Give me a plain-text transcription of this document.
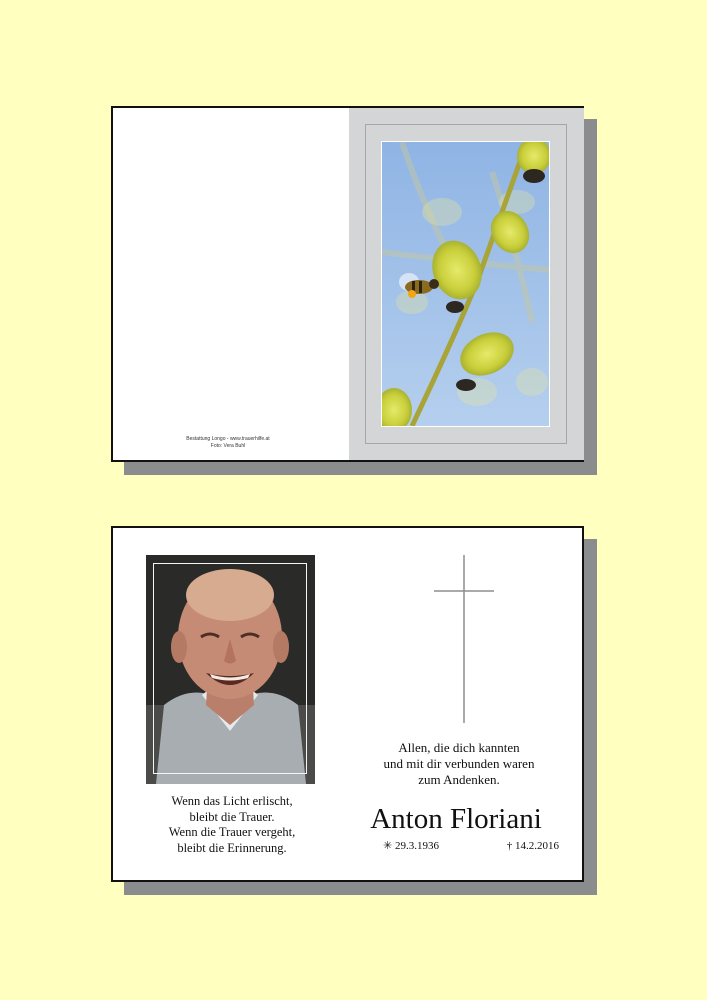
Bestattung Longo - www.trauerhilfe.at
Foto: Vera Buhl
Allen, die dich kannten
und mit dir verbunden waren
zum Andenken.
Anton Floriani
✳ 29.3.1936	† 14.2.2016
Wenn das Licht erlischt,
bleibt die Trauer.
Wenn die Trauer vergeht,
bleibt die Erinnerung.
